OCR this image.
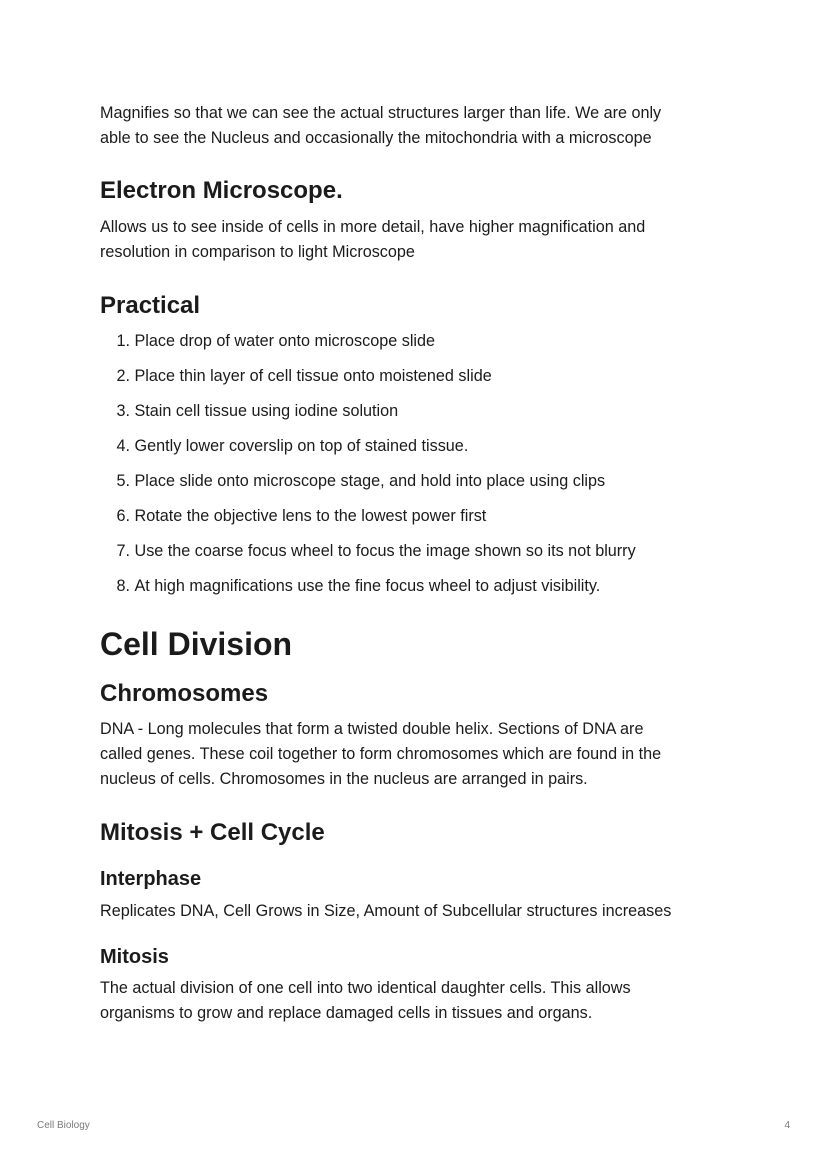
Magnifies so that we can see the actual structures larger than life. We are only

able to see the Nucleus and occasionally the mitochondria with a microscope

Electron Microscope.

Allows us to see inside of cells in more detail, have higher magnification and

resolution in comparison to light Microscope

Practical
1. Place drop of water onto microscope slide
2. Place thin layer of cell tissue onto moistened slide
3. Stain cell tissue using iodine solution
4. Gently lower coverslip on top of stained tissue.
5. Place slide onto microscope stage, and hold into place using clips
6. Rotate the objective lens to the lowest power first
7. Use the coarse focus wheel to focus the image shown so its not blurry
8. At high magnifications use the fine focus wheel to adjust visibility.
Cell Division
Chromosomes

DNA - Long molecules that form a twisted double helix. Sections of DNA are

called genes. These coil together to form chromosomes which are found in the

nucleus of cells. Chromosomes in the nucleus are arranged in pairs.

Mitosis + Cell Cycle
Interphase

Replicates DNA, Cell Grows in Size, Amount of Subcellular structures increases

Mitosis

The actual division of one cell into two identical daughter cells. This allows

organisms to grow and replace damaged cells in tissues and organs.

Cell Biology	4
